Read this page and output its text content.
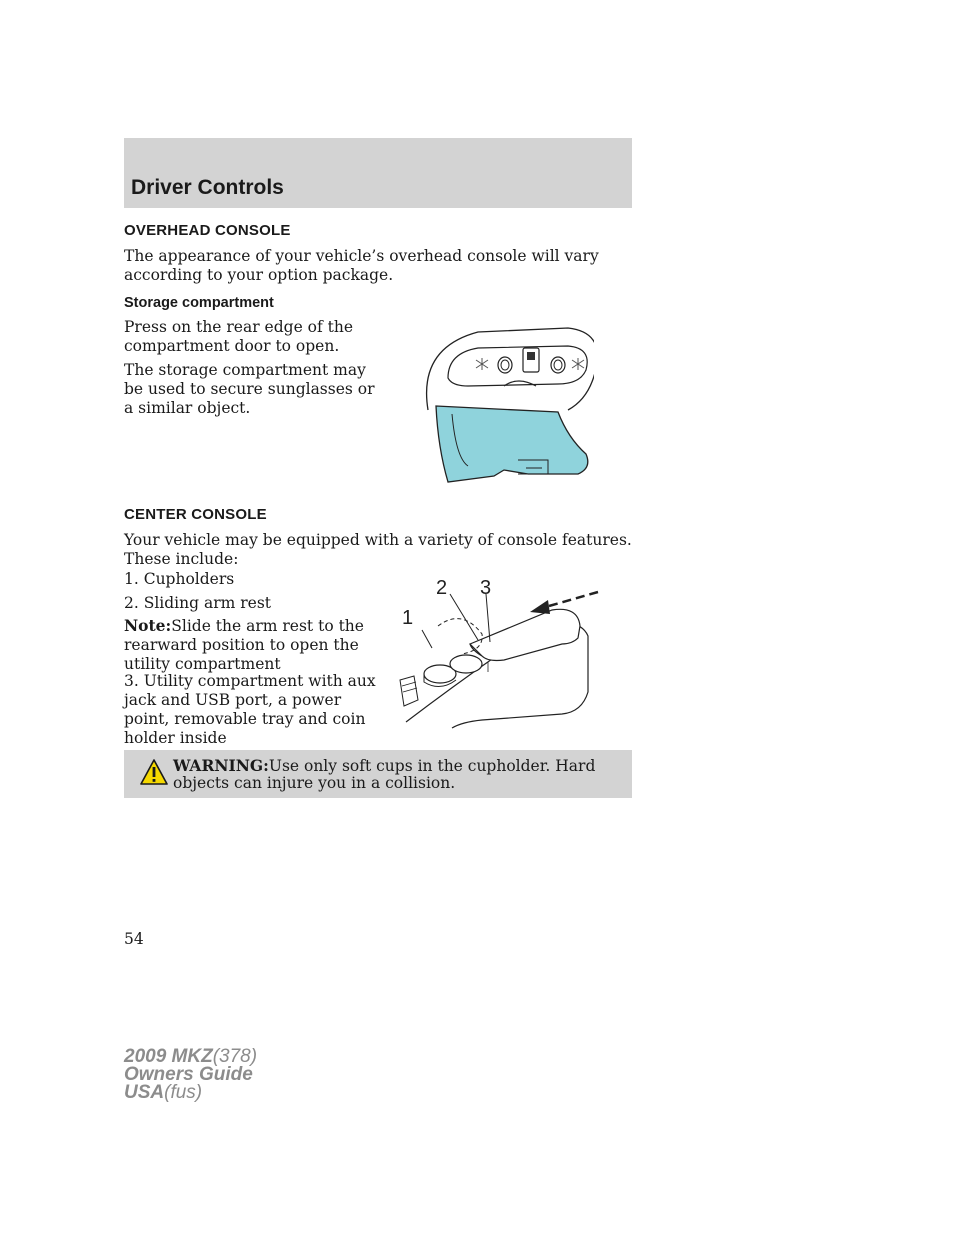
Driver Controls
OVERHEAD CONSOLE
The appearance of your vehicle’s overhead console will vary according to your option package.
Storage compartment
Press on the rear edge of the compartment door to open.
The storage compartment may be used to secure sunglasses or a similar object.
CENTER CONSOLE
Your vehicle may be equipped with a variety of console features. These include:
1. Cupholders
2. Sliding arm rest
Note:Slide the arm rest to the rearward position to open the utility compartment
3. Utility compartment with aux jack and USB port, a power point, removable tray and coin holder inside
1
2 3
WARNING:Use only soft cups in the cupholder. Hard objects can injure you in a collision.
54
2009 MKZ(378)
Owners Guide
USA(fus)
